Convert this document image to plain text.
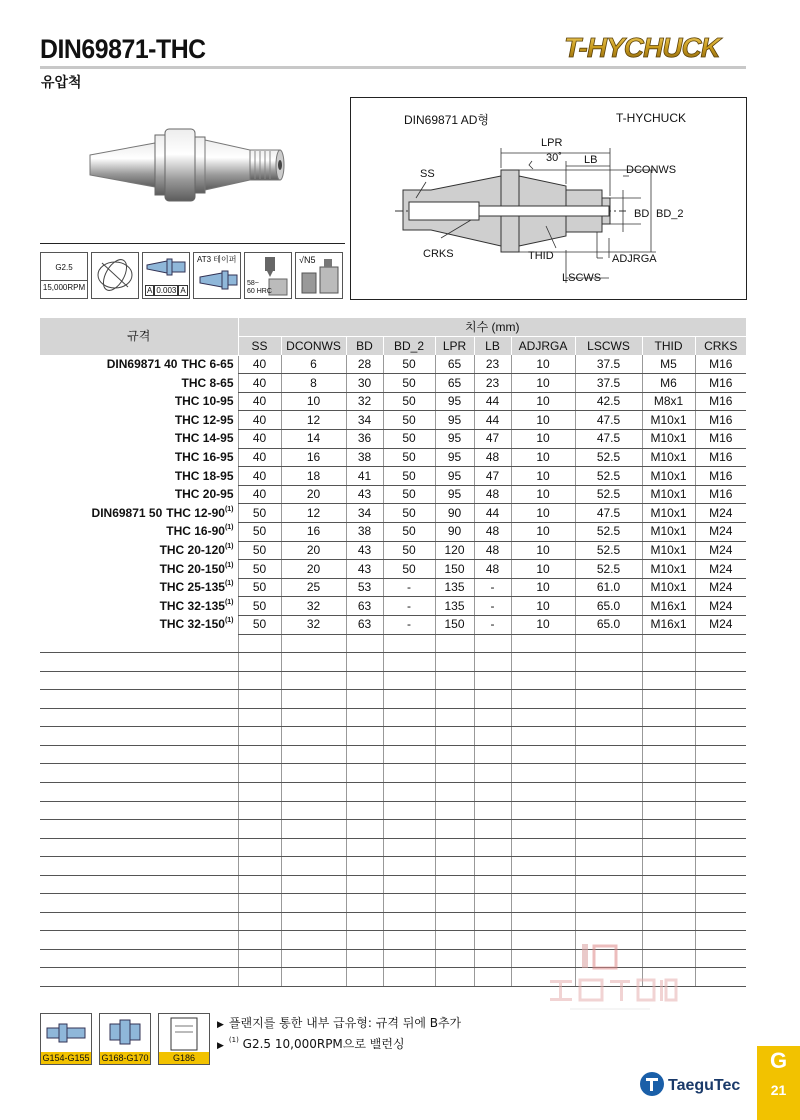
DIN69871-THC
유압척
T-HYCHUCK
G2.5
15,000RPM	A 0.003 A
AT3 테이퍼
58~
60 HRC
√N5
DIN69871 AD형	T-HYCHUCK
LPR
30˚ LB
DCONWS
SS
BD BD_2
CRKS	THID	ADJRGA
LSCWS
규격	치수 (mm)									
	SS	DCONWS	BD	BD_2	LPR	LB	ADJRGA	LSCWS	THID	CRKS
DIN69871 40 THC 6-65	40	6	28	50	65	23	10	37.5	M5	M16
THC 8-65	40	8	30	50	65	23	10	37.5	M6	M16
THC 10-95	40	10	32	50	95	44	10	42.5	M8x1	M16
THC 12-95	40	12	34	50	95	44	10	47.5	M10x1	M16
THC 14-95	40	14	36	50	95	47	10	47.5	M10x1	M16
THC 16-95	40	16	38	50	95	48	10	52.5	M10x1	M16
THC 18-95	40	18	41	50	95	47	10	52.5	M10x1	M16
THC 20-95	40	20	43	50	95	48	10	52.5	M10x1	M16
DIN69871 50 THC 12-90$^{(1)}$	50	12	34	50	90	44	10	47.5	M10x1	M24
THC 16-90$^{(1)}$	50	16	38	50	90	48	10	52.5	M10x1	M24
THC 20-120$^{(1)}$	50	20	43	50	120	48	10	52.5	M10x1	M24
THC 20-150$^{(1)}$	50	20	43	50	150	48	10	52.5	M10x1	M24
THC 25-135$^{(1)}$	50	25	53	-	135	-	10	61.0	M10x1	M24
THC 32-135$^{(1)}$	50	32	63	-	135	-	10	65.0	M16x1	M24
THC 32-150$^{(1)}$	50	32	63	-	150	-	10	65.0	M16x1	M24

G154-G155 G168-G170	G186
▶ 플랜지를 통한 내부 급유형: 규격 뒤에 B추가
▶$^{(1)}$ G2.5 10,000RPM으로 밸런싱
TaeguTec
G
21
